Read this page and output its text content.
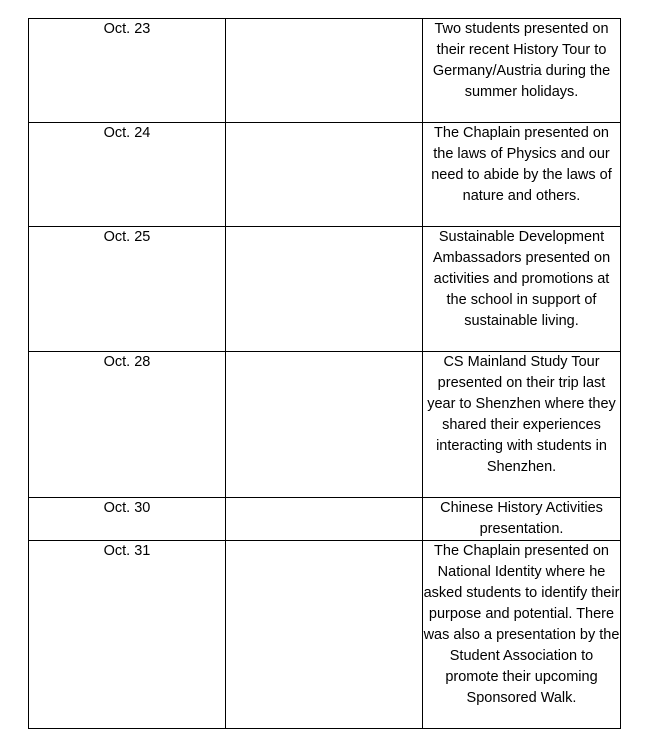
Oct. 23		Two students presented on their recent History Tour to Germany/Austria during the summer holidays.
Oct. 24		The Chaplain presented on the laws of Physics and our need to abide by the laws of nature and others.
Oct. 25		Sustainable Development Ambassadors presented on activities and promotions at the school in support of sustainable living.
Oct. 28		CS Mainland Study Tour presented on their trip last year to Shenzhen where they shared their experiences interacting with students in Shenzhen.
Oct. 30		Chinese History Activities presentation.
Oct. 31		The Chaplain presented on National Identity where he asked students to identify their purpose and potential. There was also a presentation by the Student Association to promote their upcoming Sponsored Walk.
